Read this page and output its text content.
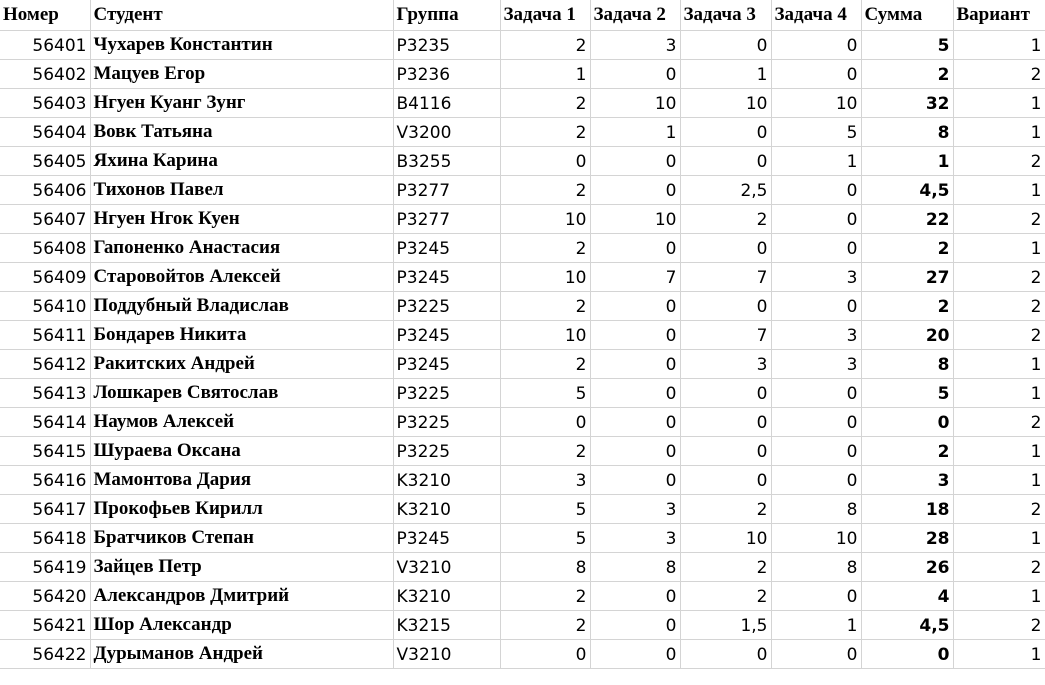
Номер	Студент	Группа	Задача 1	Задача 2	Задача 3	Задача 4	Сумма	Вариант
56401	Чухарев Константин	P3235	2	3	0	0	5	1
56402	Мацуев Егор	P3236	1	0	1	0	2	2
56403	Нгуен Куанг Зунг	B4116	2	10	10	10	32	1
56404	Вовк Татьяна	V3200	2	1	0	5	8	1
56405	Яхина Карина	B3255	0	0	0	1	1	2
56406	Тихонов Павел	P3277	2	0	2,5	0	4,5	1
56407	Нгуен Нгок Куен	P3277	10	10	2	0	22	2
56408	Гапоненко Анастасия	P3245	2	0	0	0	2	1
56409	Старовойтов Алексей	P3245	10	7	7	3	27	2
56410	Поддубный Владислав	P3225	2	0	0	0	2	2
56411	Бондарев Никита	P3245	10	0	7	3	20	2
56412	Ракитских Андрей	P3245	2	0	3	3	8	1
56413	Лошкарев Святослав	P3225	5	0	0	0	5	1
56414	Наумов Алексей	P3225	0	0	0	0	0	2
56415	Шураева Оксана	P3225	2	0	0	0	2	1
56416	Мамонтова Дария	K3210	3	0	0	0	3	1
56417	Прокофьев Кирилл	K3210	5	3	2	8	18	2
56418	Братчиков Степан	P3245	5	3	10	10	28	1
56419	Зайцев Петр	V3210	8	8	2	8	26	2
56420	Александров Дмитрий	K3210	2	0	2	0	4	1
56421	Шор Александр	K3215	2	0	1,5	1	4,5	2
56422	Дурыманов Андрей	V3210	0	0	0	0	0	1
